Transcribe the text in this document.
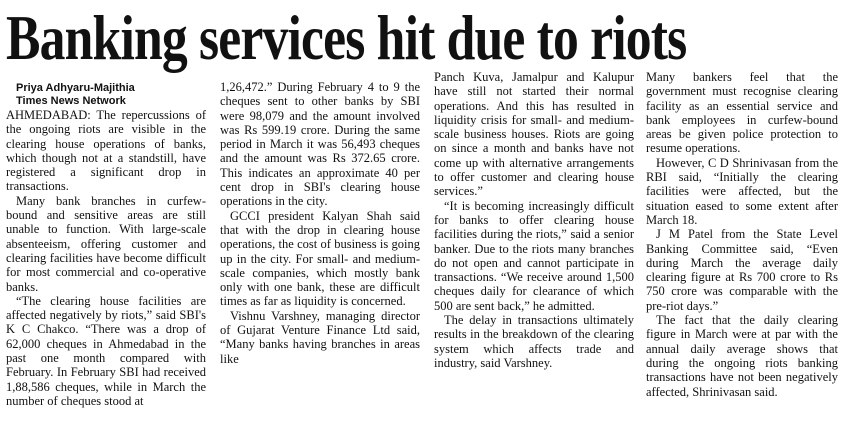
Banking services hit due to riots

Priya Adhyaru-Majithia

Times News Network

AHMEDABAD: The repercussions of the ongoing riots are visible in the clearing house operations of banks, which though not at a standstill, have registered a significant drop in transactions.

Many bank branches in curfew-bound and sensitive areas are still unable to function. With large-scale absenteeism, offering customer and clearing facilities have become difficult for most commercial and co-operative banks.

“The clearing house facilities are affected negatively by riots,” said SBI's K C Chakco. “There was a drop of 62,000 cheques in Ahmedabad in the past one month compared with February. In February SBI had received 1,88,586 cheques, while in March the number of cheques stood at

1,26,472.” During February 4 to 9 the cheques sent to other banks by SBI were 98,079 and the amount involved was Rs 599.19 crore. During the same period in March it was 56,493 cheques and the amount was Rs 372.65 crore. This indicates an approximate 40 per cent drop in SBI's clearing house operations in the city.

GCCI president Kalyan Shah said that with the drop in clearing house operations, the cost of business is going up in the city. For small- and medium-scale companies, which mostly bank only with one bank, these are difficult times as far as liquidity is concerned.

Vishnu Varshney, managing director of Gujarat Venture Finance Ltd said, “Many banks having branches in areas like

Panch Kuva, Jamalpur and Kalupur have still not started their normal operations. And this has resulted in liquidity crisis for small- and medium-scale business houses. Riots are going on since a month and banks have not come up with alternative arrangements to offer customer and clearing house services.”

“It is becoming increasingly difficult for banks to offer clearing house facilities during the riots,” said a senior banker. Due to the riots many branches do not open and cannot participate in transactions. “We receive around 1,500 cheques daily for clearance of which 500 are sent back,” he admitted.

The delay in transactions ultimately results in the breakdown of the clearing system which affects trade and industry, said Varshney.

Many bankers feel that the government must recognise clearing facility as an essential service and bank employees in curfew-bound areas be given police protection to resume operations.

However, C D Shrinivasan from the RBI said, “Initially the clearing facilities were affected, but the situation eased to some extent after March 18.

J M Patel from the State Level Banking Committee said, “Even during March the average daily clearing figure at Rs 700 crore to Rs 750 crore was comparable with the pre-riot days.”

The fact that the daily clearing figure in March were at par with the annual daily average shows that during the ongoing riots banking transactions have not been negatively affected, Shrinivasan said.
